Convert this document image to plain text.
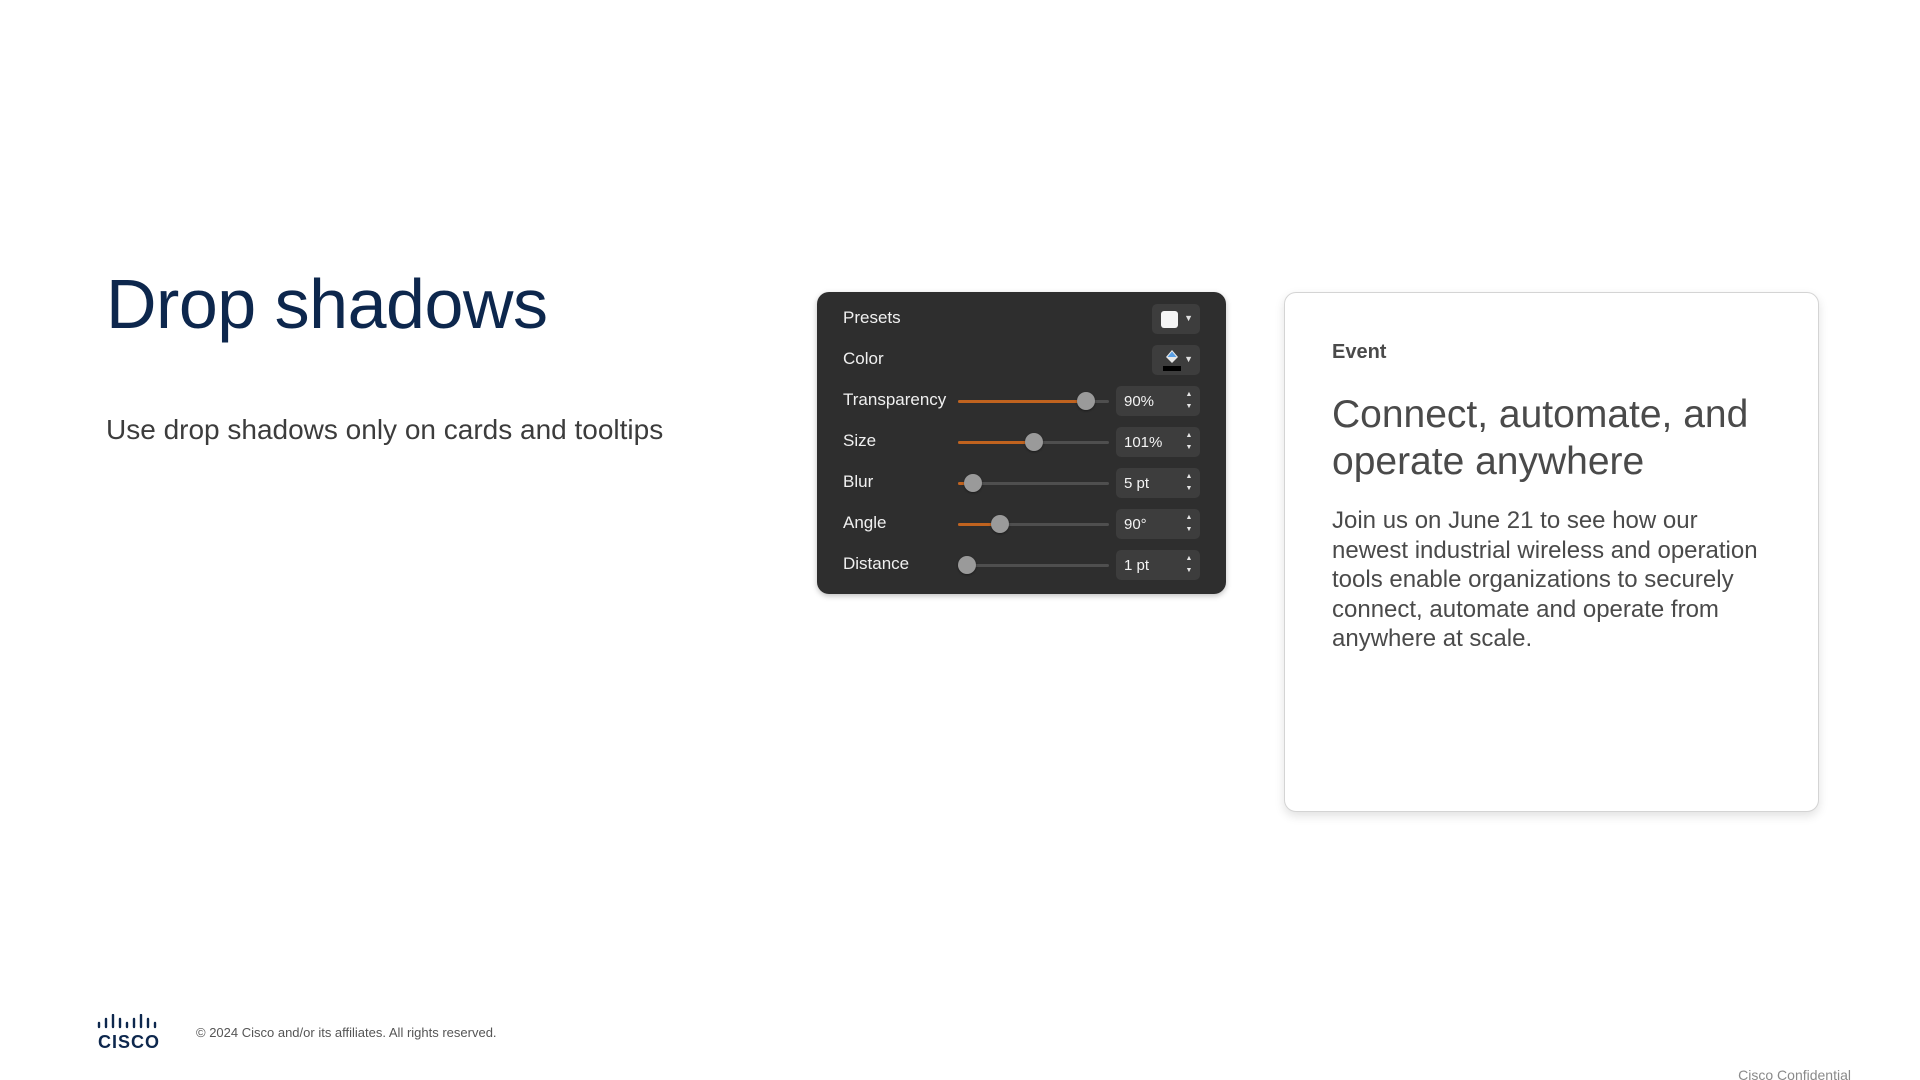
Drop shadows

Use drop shadows only on cards and tooltips

Presets	▼
Color	▼
Transparency	90%	▲
▼
Size	101%	▲
▼
Blur	5 pt	▲
▼
Angle	90°	▲
▼
Distance	1 pt	▲
▼
Event
Connect, automate, and operate anywhere
Join us on June 21 to see how our newest industrial wireless and operation tools enable organizations to securely connect, automate and operate from anywhere at scale.
CISCO	© 2024 Cisco and/or its affiliates. All rights reserved.
Cisco Confidential
